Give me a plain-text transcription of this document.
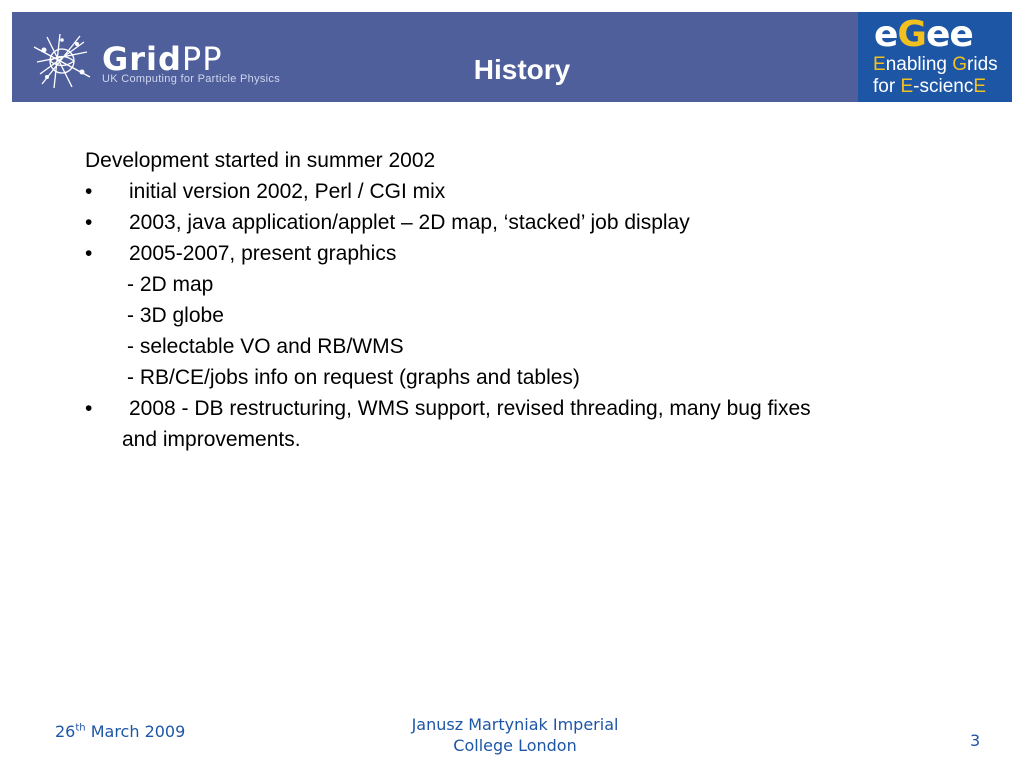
GridPP
UK Computing for Particle Physics	History
eGee
Enabling Grids
for E-sciencE
Development started in summer 2002
• initial version 2002, Perl / CGI mix
• 2003, java application/applet – 2D map, ‘stacked’ job display
• 2005-2007, present graphics
- 2D map
- 3D globe
- selectable VO and RB/WMS
- RB/CE/jobs info on request (graphs and tables)
• 2008 - DB restructuring, WMS support, revised threading, many bug fixes
and improvements.
26th March 2009	Janusz Martyniak Imperial
College London	3
